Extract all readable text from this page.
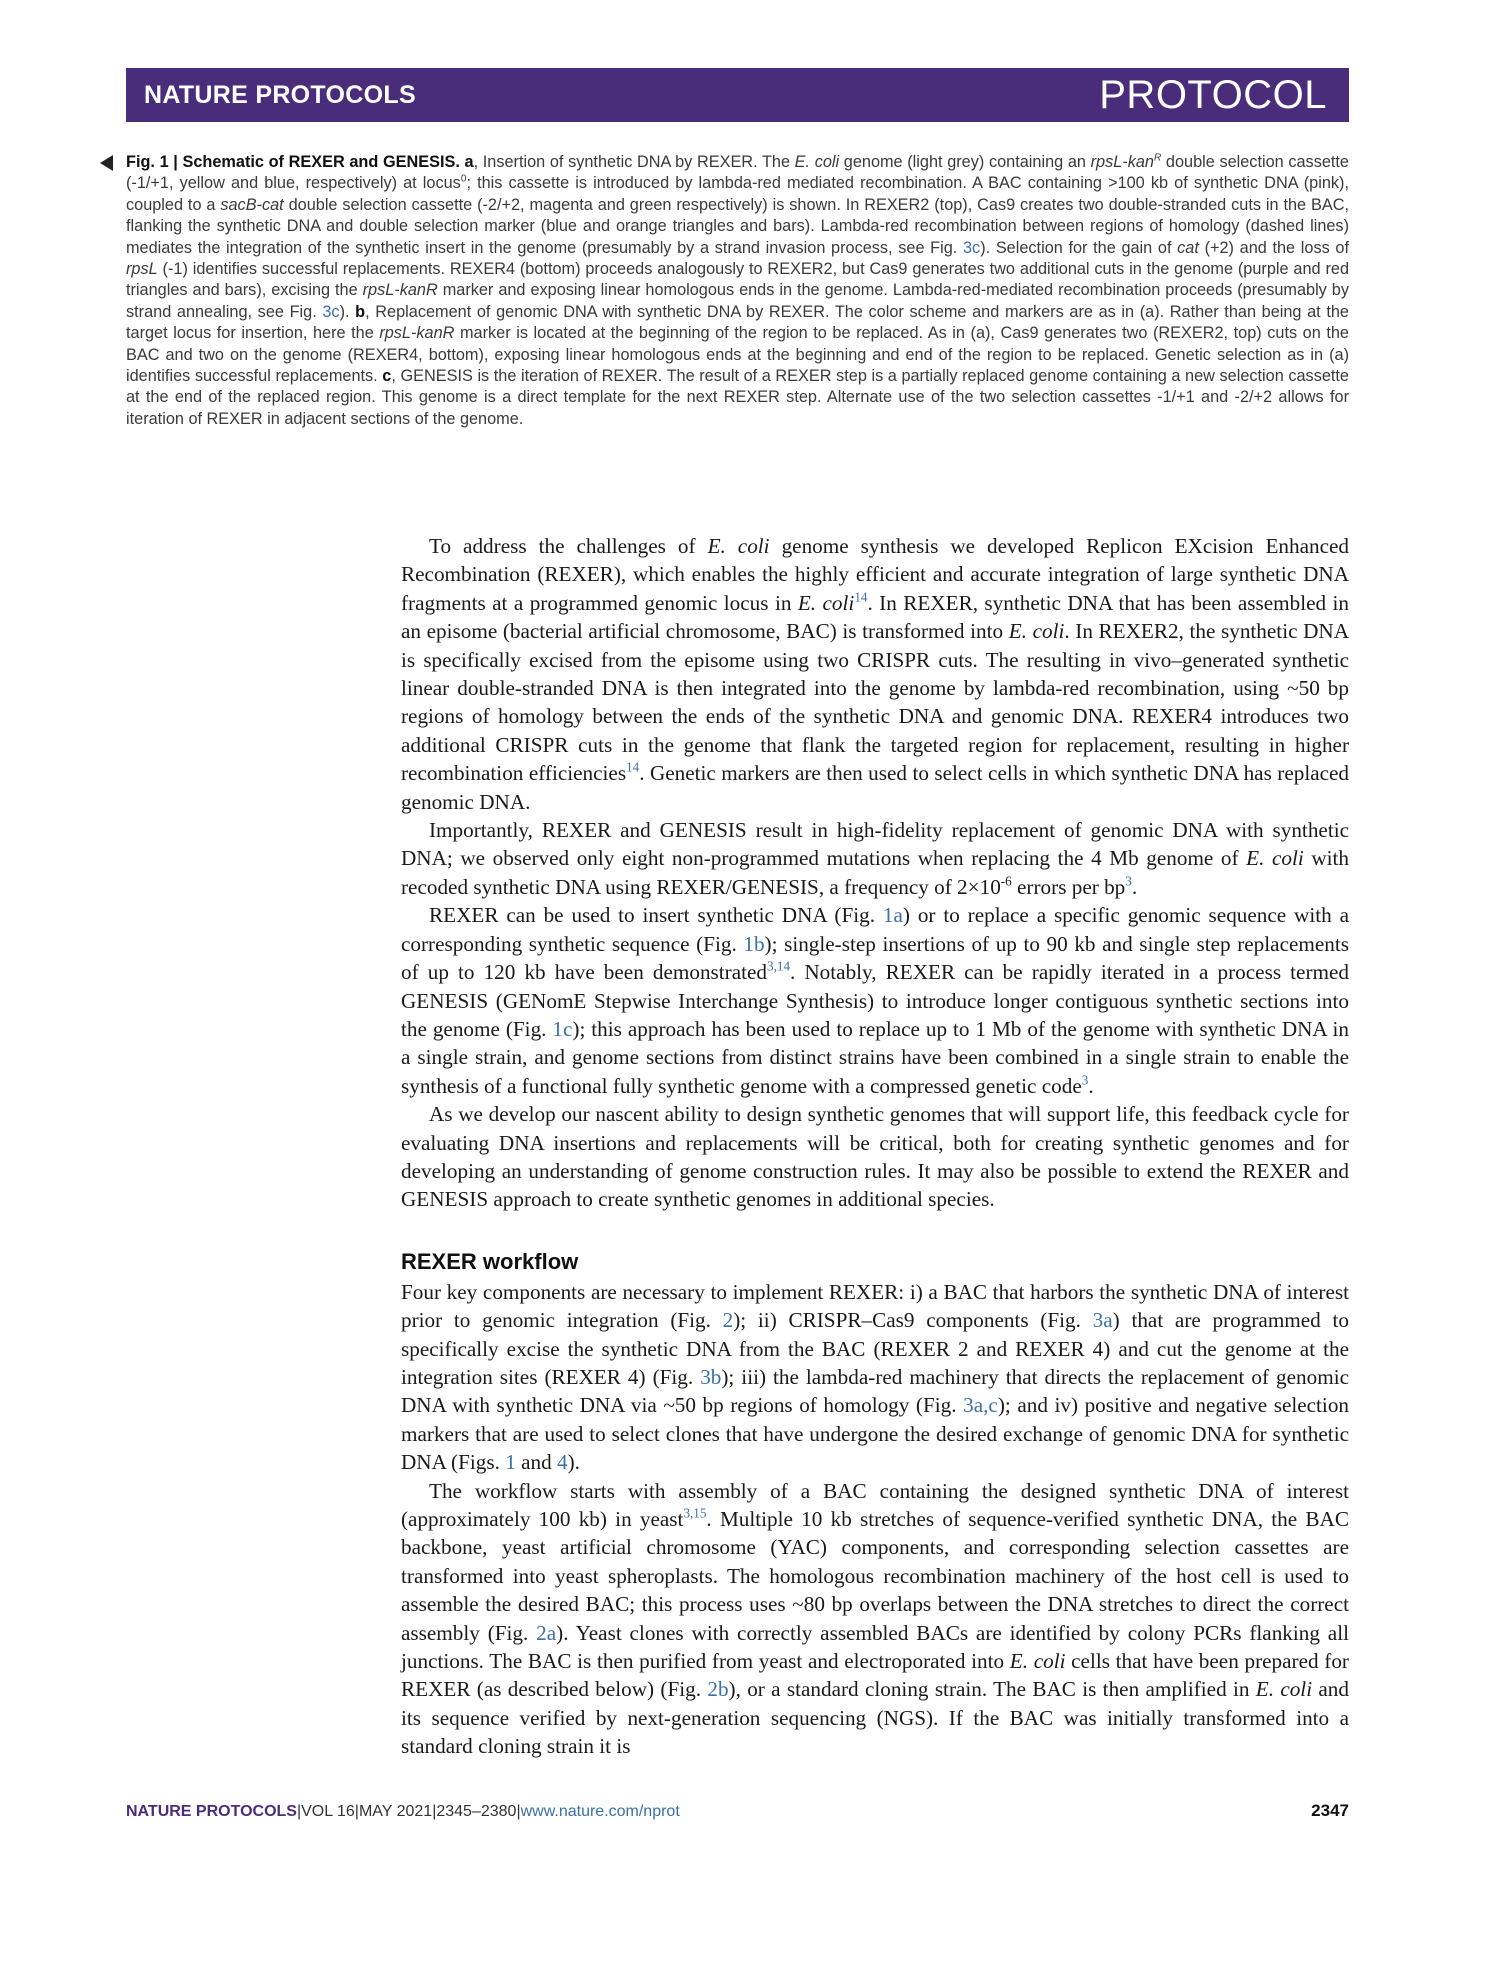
NATURE PROTOCOLS	PROTOCOL
Fig. 1 | Schematic of REXER and GENESIS. a, Insertion of synthetic DNA by REXER. The E. coli genome (light grey) containing an rpsL-kan$^R$ double selection cassette (-1/+1, yellow and blue, respectively) at locus$^0$; this cassette is introduced by lambda-red mediated recombination. A BAC containing >100 kb of synthetic DNA (pink), coupled to a sacB-cat double selection cassette (-2/+2, magenta and green respectively) is shown. In REXER2 (top), Cas9 creates two double-stranded cuts in the BAC, flanking the synthetic DNA and double selection marker (blue and orange triangles and bars). Lambda-red recombination between regions of homology (dashed lines) mediates the integration of the synthetic insert in the genome (presumably by a strand invasion process, see Fig. 3c). Selection for the gain of cat (+2) and the loss of rpsL (-1) identifies successful replacements. REXER4 (bottom) proceeds analogously to REXER2, but Cas9 generates two additional cuts in the genome (purple and red triangles and bars), excising the rpsL-kanR marker and exposing linear homologous ends in the genome. Lambda-red-mediated recombination proceeds (presumably by strand annealing, see Fig. 3c). b, Replacement of genomic DNA with synthetic DNA by REXER. The color scheme and markers are as in (a). Rather than being at the target locus for insertion, here the rpsL-kanR marker is located at the beginning of the region to be replaced. As in (a), Cas9 generates two (REXER2, top) cuts on the BAC and two on the genome (REXER4, bottom), exposing linear homologous ends at the beginning and end of the region to be replaced. Genetic selection as in (a) identifies successful replacements. c, GENESIS is the iteration of REXER. The result of a REXER step is a partially replaced genome containing a new selection cassette at the end of the replaced region. This genome is a direct template for the next REXER step. Alternate use of the two selection cassettes -1/+1 and -2/+2 allows for iteration of REXER in adjacent sections of the genome.

To address the challenges of E. coli genome synthesis we developed Replicon EXcision Enhanced Recombination (REXER), which enables the highly efficient and accurate integration of large synthetic DNA fragments at a programmed genomic locus in E. coli$^{14}$. In REXER, synthetic DNA that has been assembled in an episome (bacterial artificial chromosome, BAC) is transformed into E. coli. In REXER2, the synthetic DNA is specifically excised from the episome using two CRISPR cuts. The resulting in vivo–generated synthetic linear double-stranded DNA is then integrated into the genome by lambda-red recombination, using ~50 bp regions of homology between the ends of the synthetic DNA and genomic DNA. REXER4 introduces two additional CRISPR cuts in the genome that flank the targeted region for replacement, resulting in higher recombination efficiencies$^{14}$. Genetic markers are then used to select cells in which synthetic DNA has replaced genomic DNA.

Importantly, REXER and GENESIS result in high-fidelity replacement of genomic DNA with synthetic DNA; we observed only eight non-programmed mutations when replacing the 4 Mb genome of E. coli with recoded synthetic DNA using REXER/GENESIS, a frequency of $2\times 10^{-6}$ errors per $bp^3$.

REXER can be used to insert synthetic DNA (Fig. 1a) or to replace a specific genomic sequence with a corresponding synthetic sequence (Fig. 1b); single-step insertions of up to 90 kb and single step replacements of up to 120 kb have been demonstrated$^{3,14}$. Notably, REXER can be rapidly iterated in a process termed GENESIS (GENomE Stepwise Interchange Synthesis) to introduce longer contiguous synthetic sections into the genome (Fig. 1c); this approach has been used to replace up to 1 Mb of the genome with synthetic DNA in a single strain, and genome sections from distinct strains have been combined in a single strain to enable the synthesis of a functional fully synthetic genome with a compressed genetic code$^3$.

As we develop our nascent ability to design synthetic genomes that will support life, this feedback cycle for evaluating DNA insertions and replacements will be critical, both for creating synthetic genomes and for developing an understanding of genome construction rules. It may also be possible to extend the REXER and GENESIS approach to create synthetic genomes in additional species.

REXER workflow

Four key components are necessary to implement REXER: i) a BAC that harbors the synthetic DNA of interest prior to genomic integration (Fig. 2); ii) CRISPR–Cas9 components (Fig. 3a) that are programmed to specifically excise the synthetic DNA from the BAC (REXER 2 and REXER 4) and cut the genome at the integration sites (REXER 4) (Fig. 3b); iii) the lambda-red machinery that directs the replacement of genomic DNA with synthetic DNA via ~50 bp regions of homology (Fig. 3a,c); and iv) positive and negative selection markers that are used to select clones that have undergone the desired exchange of genomic DNA for synthetic DNA (Figs. 1 and 4).

The workflow starts with assembly of a BAC containing the designed synthetic DNA of interest (approximately 100 kb) in yeast$^{3,15}$. Multiple 10 kb stretches of sequence-verified synthetic DNA, the BAC backbone, yeast artificial chromosome (YAC) components, and corresponding selection cassettes are transformed into yeast spheroplasts. The homologous recombination machinery of the host cell is used to assemble the desired BAC; this process uses ~80 bp overlaps between the DNA stretches to direct the correct assembly (Fig. 2a). Yeast clones with correctly assembled BACs are identified by colony PCRs flanking all junctions. The BAC is then purified from yeast and electroporated into E. coli cells that have been prepared for REXER (as described below) (Fig. 2b), or a standard cloning strain. The BAC is then amplified in E. coli and its sequence verified by next-generation sequencing (NGS). If the BAC was initially transformed into a standard cloning strain it is

NATURE PROTOCOLS|VOL 16|MAY 2021|2345–2380|www.nature.com/nprot	2347
